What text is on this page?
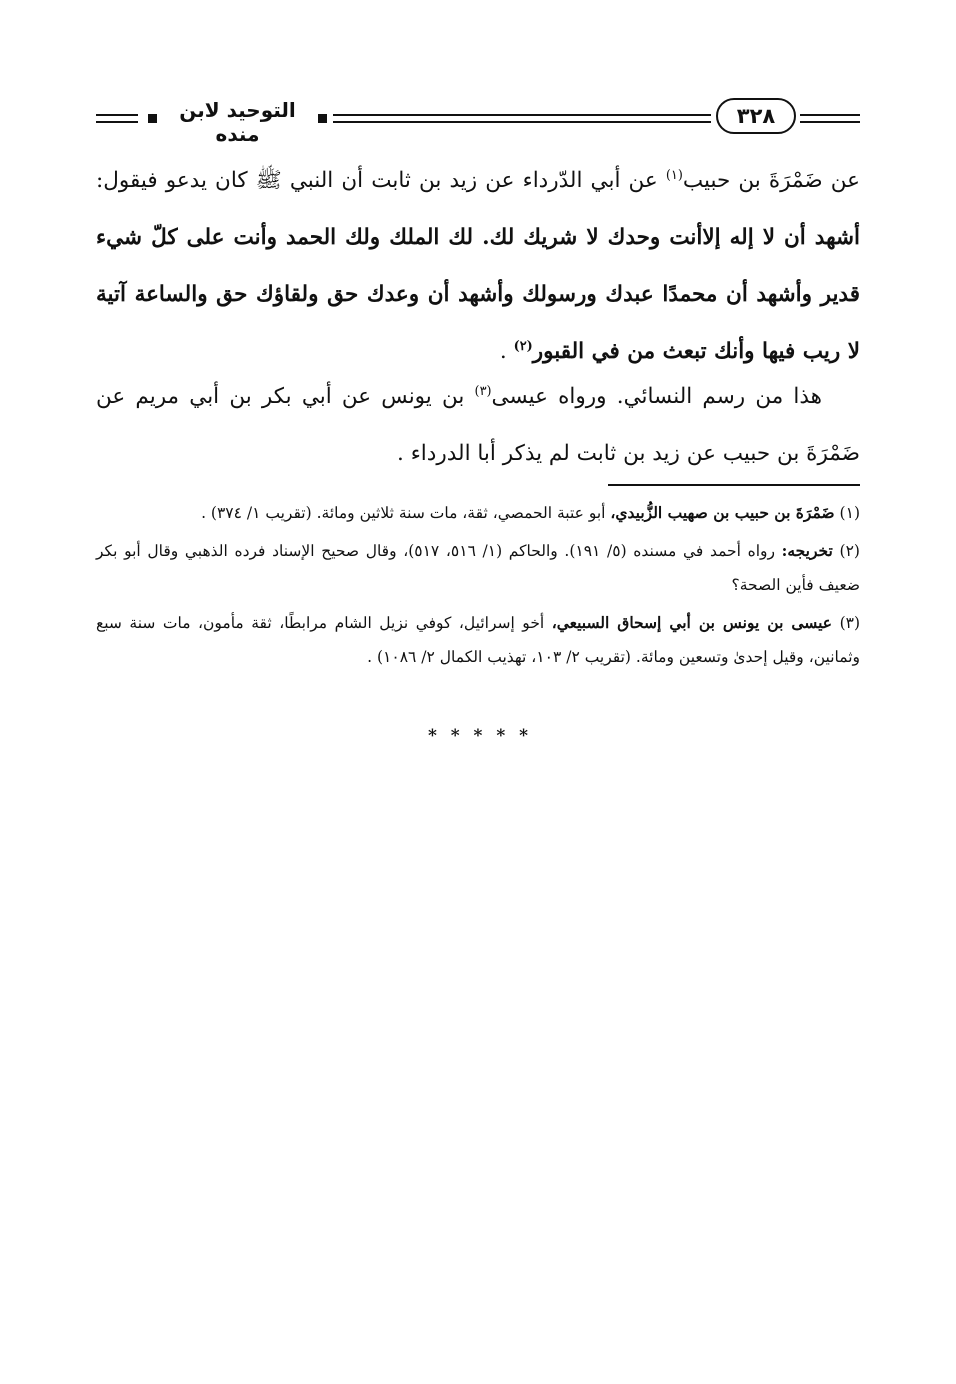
التوحيد لابن منده
٣٢٨
عن ضَمْرَةَ بن حبيب$^{(١)}$ عن أبي الدّرداء عن زيد بن ثابت أن النبي ﷺ كان يدعو فيقول: أشهد أن لا إله إلاأنت وحدك لا شريك لك. لك الملك ولك الحمد وأنت على كلّ شيء قدير وأشهد أن محمدًا عبدك ورسولك وأشهد أن وعدك حق ولقاؤك حق والساعة آتية لا ريب فيها وأنك تبعث من في القبور$^{(٢)}$ .
هذا من رسم النسائي. ورواه عيسى$^{(٣)}$ بن يونس عن أبي بكر بن أبي مريم عن ضَمْرَةَ بن حبيب عن زيد بن ثابت لم يذكر أبا الدرداء .
(١) ضَمْرَةَ بن حبيب بن صهيب الزُّبيدي، أبو عتبة الحمصي، ثقة، مات سنة ثلاثين ومائة. (تقريب ١/ ٣٧٤) .
(٢) تخريجه: رواه أحمد في مسنده (٥/ ١٩١). والحاكم (١/ ٥١٦، ٥١٧)، وقال صحيح الإسناد فرده الذهبي وقال أبو بكر ضعيف فأين الصحة؟
(٣) عيسى بن يونس بن أبي إسحاق السبيعي، أخو إسرائيل، كوفي نزيل الشام مرابطًا، ثقة مأمون، مات سنة سبع وثمانين، وقيل إحدىٰ وتسعين ومائة. (تقريب ٢/ ١٠٣، تهذيب الكمال ٢/ ١٠٨٦) .
* * * * *
